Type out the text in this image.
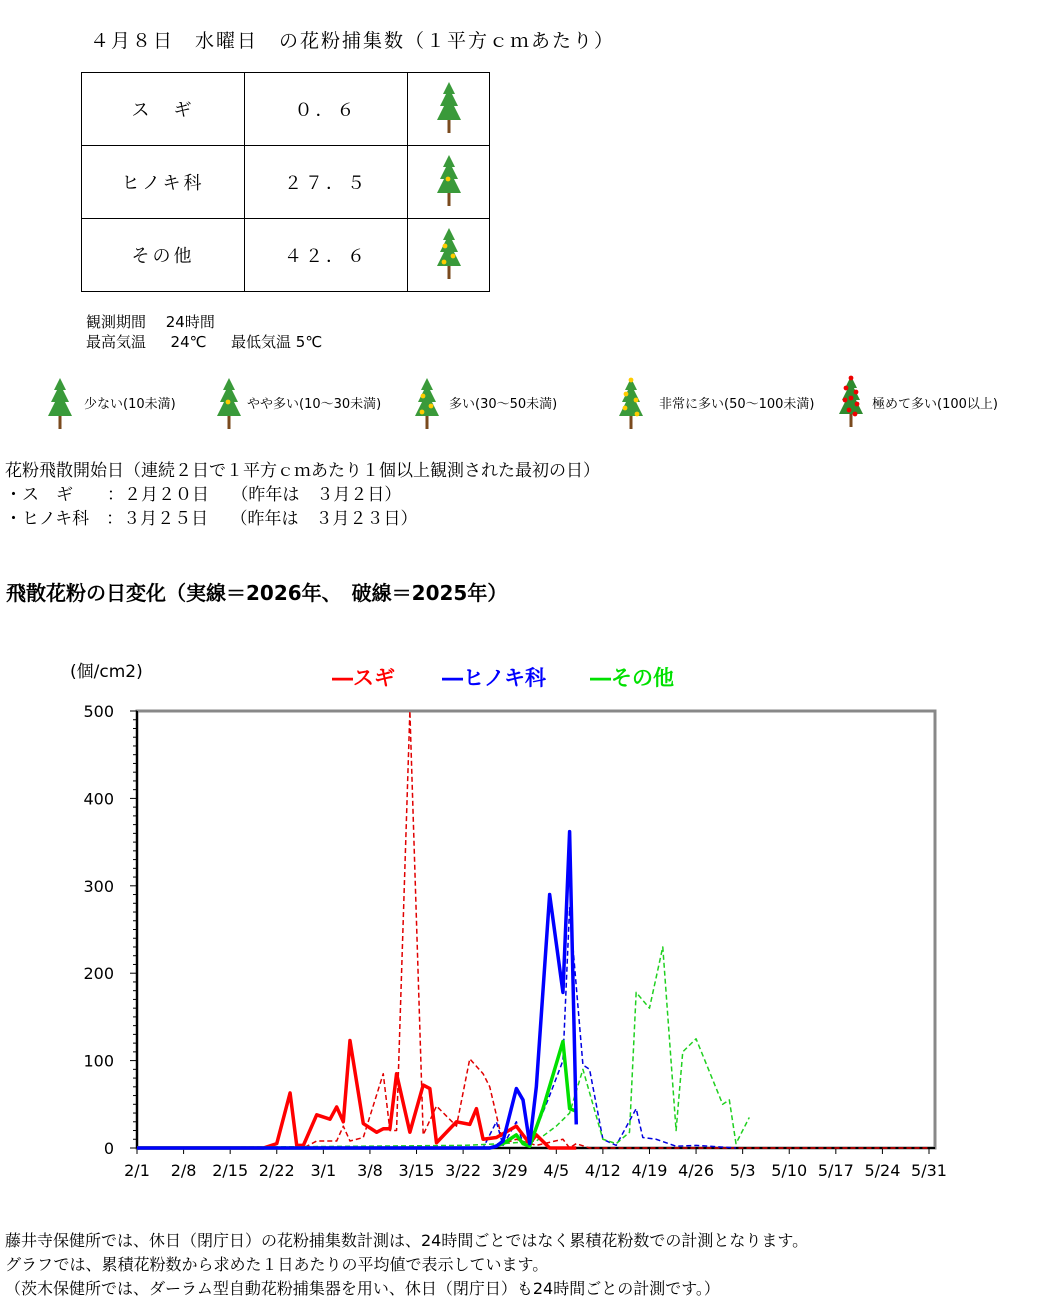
４月８日　水曜日　の花粉捕集数（１平方ｃｍあたり）
ス　ギ	０．６	
ヒノキ科	２７．５	
その他	４２．６	
観測期間　 24時間
最高気温 　 24℃ 　 最低気温 5℃
少ない(10未満)	やや多い(10～30未満)	多い(30～50未満)	非常に多い(50～100未満)	極めて多い(100以上)
花粉飛散開始日（連続２日で１平方ｃｍあたり１個以上観測された最初の日）
・ス　ギ　　：２月２０日　 （昨年は　３月２日）
・ヒノキ科　：３月２５日　 （昨年は　３月２３日）
飛散花粉の日変化（実線＝2026年、　破線＝2025年）
(個/cm2)	―スギ ―ヒノキ科 ―その他
0
100
200
300
400
500
2/1 2/8 2/15 2/22 3/1 3/8 3/15 3/22 3/29 4/5 4/12 4/19 4/26 5/3 5/10 5/17 5/24 5/31
藤井寺保健所では、休日（閉庁日）の花粉捕集数計測は、24時間ごとではなく累積花粉数での計測となります。
グラフでは、累積花粉数から求めた１日あたりの平均値で表示しています。
（茨木保健所では、ダーラム型自動花粉捕集器を用い、休日（閉庁日）も24時間ごとの計測です。）
